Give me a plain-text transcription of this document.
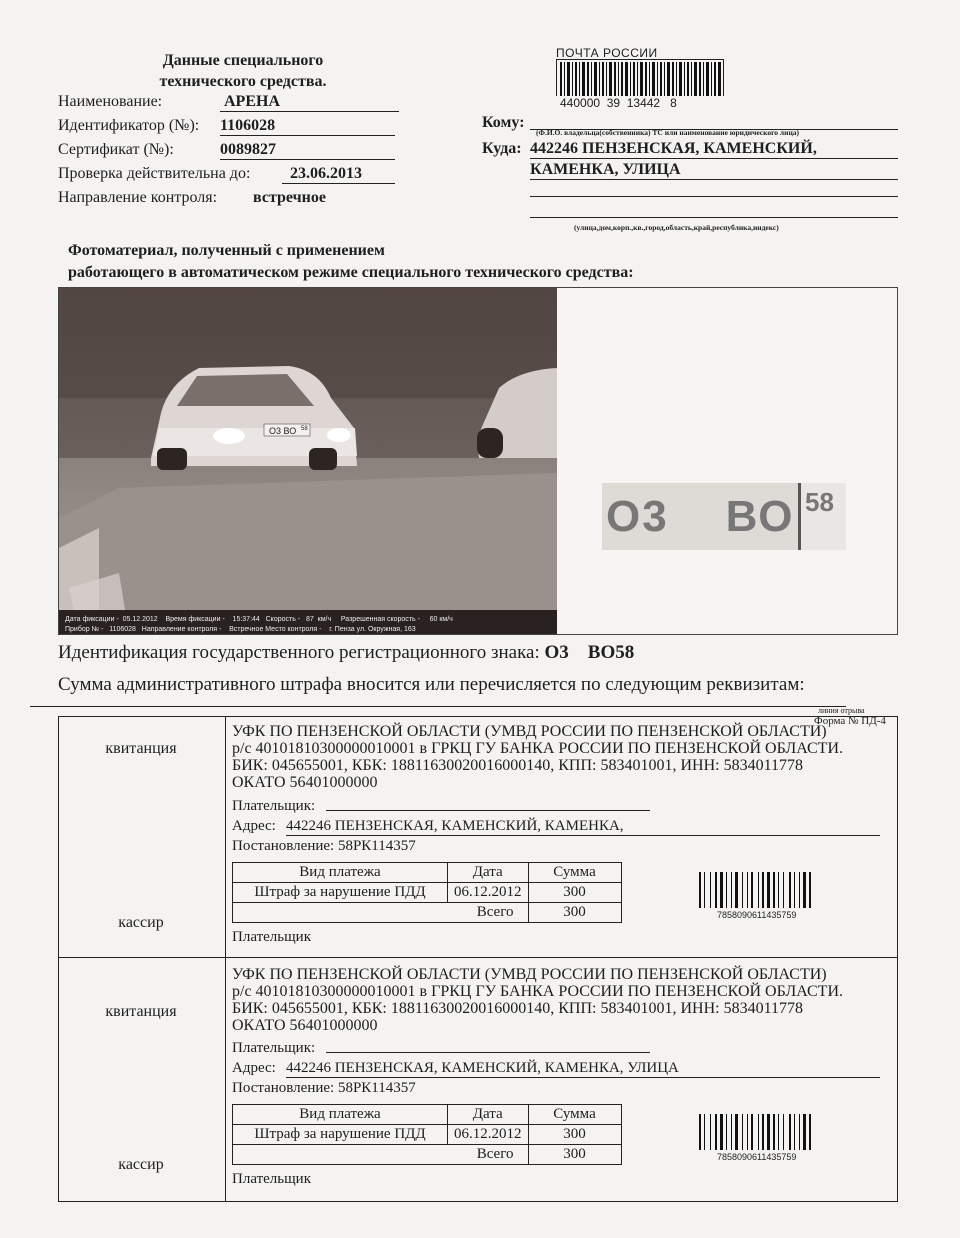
Данные специального
технического средства.
Наименование:	АРЕНА
Идентификатор (№): 1106028
Сертификат (№):	0089827
Проверка действительна до:	23.06.2013
Направление контроля: встречное
ПОЧТА РОССИИ
440000  39  13442   8
Кому:
(Ф.И.О. владельца(собственника) ТС или наименование юридического лица)
Куда: 442246 ПЕНЗЕНСКАЯ, КАМЕНСКИЙ,
КАМЕНКА, УЛИЦА
(улица,дом,корп.,кв.,город,область,край,республика,индекс)
Фотоматериал, полученный с применением
работающего в автоматическом режиме специального технического средства:
О3 ВО 58
Дата фиксации -  05.12.2012    Время фиксации -    15:37:44   Скорость -   87  км/ч     Разрешенная скорость -     60 км/ч
Прибор № -   1106028   Направление контроля -    Встречное Место контроля -    г. Пенза ул. Окружная, 163
О3    ВО 58
Идентификация государственного регистрационного знака: О3    ВО58
Сумма административного штрафа вносится или перечисляется по следующим реквизитам:
линия отрыва
Форма № ПД-4
квитанция
кассир
УФК ПО ПЕНЗЕНСКОЙ ОБЛАСТИ (УМВД РОССИИ ПО ПЕНЗЕНСКОЙ ОБЛАСТИ)
р/с 40101810300000010001 в ГРКЦ ГУ БАНКА РОССИИ ПО ПЕНЗЕНСКОЙ ОБЛАСТИ.
БИК: 045655001, КБК: 18811630020016000140, КПП: 583401001, ИНН: 5834011778
ОКАТО 56401000000
Плательщик:
Адрес: 442246 ПЕНЗЕНСКАЯ, КАМЕНСКИЙ, КАМЕНКА,
Постановление: 58РК114357
Вид платежа	Дата	Сумма
Штраф за нарушение ПДД	06.12.2012	300
Всего		300	7858090611435759
Плательщик
квитанция
кассир
УФК ПО ПЕНЗЕНСКОЙ ОБЛАСТИ (УМВД РОССИИ ПО ПЕНЗЕНСКОЙ ОБЛАСТИ)
р/с 40101810300000010001 в ГРКЦ ГУ БАНКА РОССИИ ПО ПЕНЗЕНСКОЙ ОБЛАСТИ.
БИК: 045655001, КБК: 18811630020016000140, КПП: 583401001, ИНН: 5834011778
ОКАТО 56401000000
Плательщик:
Адрес: 442246 ПЕНЗЕНСКАЯ, КАМЕНСКИЙ, КАМЕНКА, УЛИЦА
Постановление: 58РК114357
Вид платежа	Дата	Сумма
Штраф за нарушение ПДД	06.12.2012	300
Всего		300	7858090611435759
Плательщик
